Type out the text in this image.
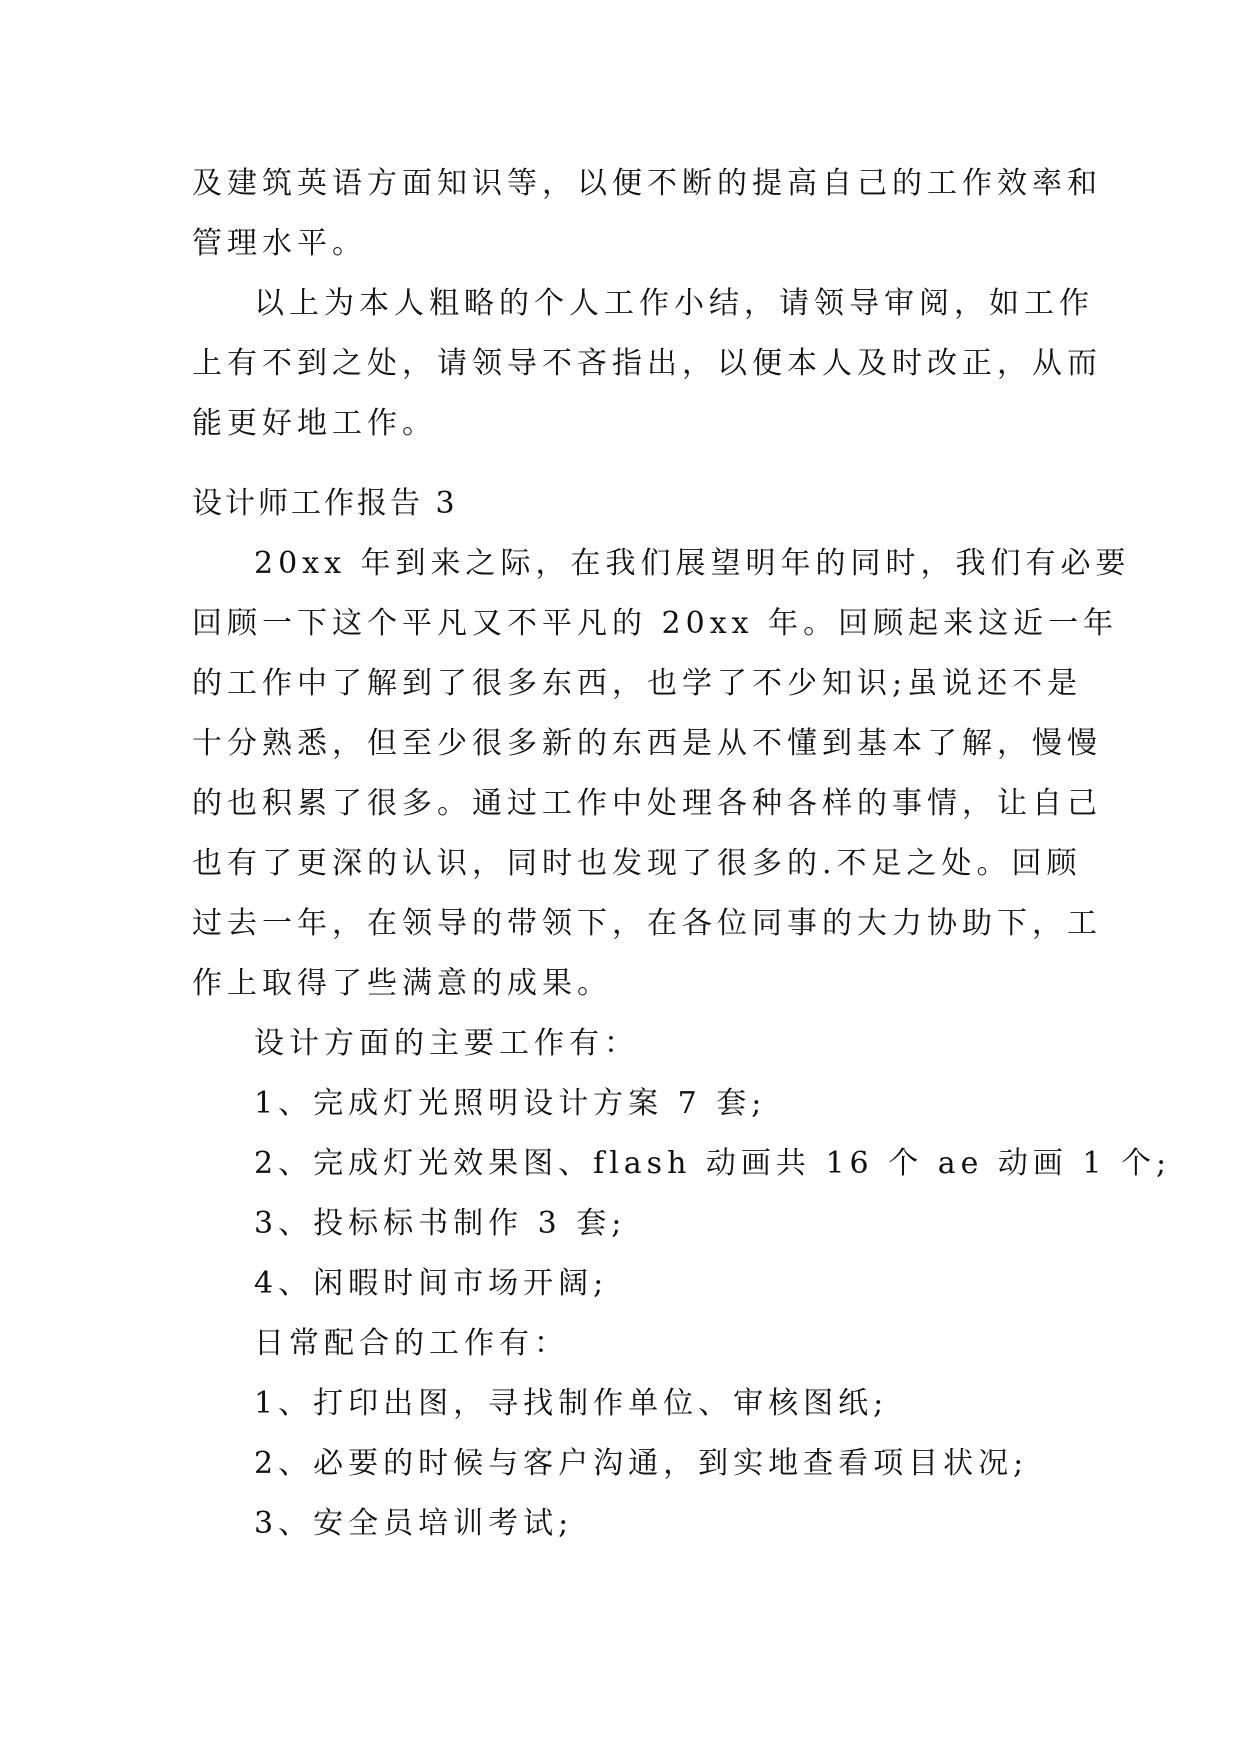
及建筑英语方面知识等，以便不断的提高自己的工作效率和
管理水平。
以上为本人粗略的个人工作小结，请领导审阅，如工作
上有不到之处，请领导不吝指出，以便本人及时改正，从而
能更好地工作。
设计师工作报告 3
20xx 年到来之际，在我们展望明年的同时，我们有必要
回顾一下这个平凡又不平凡的 20xx 年。回顾起来这近一年
的工作中了解到了很多东西，也学了不少知识;虽说还不是
十分熟悉，但至少很多新的东西是从不懂到基本了解，慢慢
的也积累了很多。通过工作中处理各种各样的事情，让自己
也有了更深的认识，同时也发现了很多的.不足之处。回顾
过去一年，在领导的带领下，在各位同事的大力协助下，工
作上取得了些满意的成果。
设计方面的主要工作有：
1、完成灯光照明设计方案 7 套;
2、完成灯光效果图、flash 动画共 16 个 ae 动画 1 个;
3、投标标书制作 3 套;
4、闲暇时间市场开阔;
日常配合的工作有：
1、打印出图，寻找制作单位、审核图纸;
2、必要的时候与客户沟通，到实地查看项目状况;
3、安全员培训考试;
